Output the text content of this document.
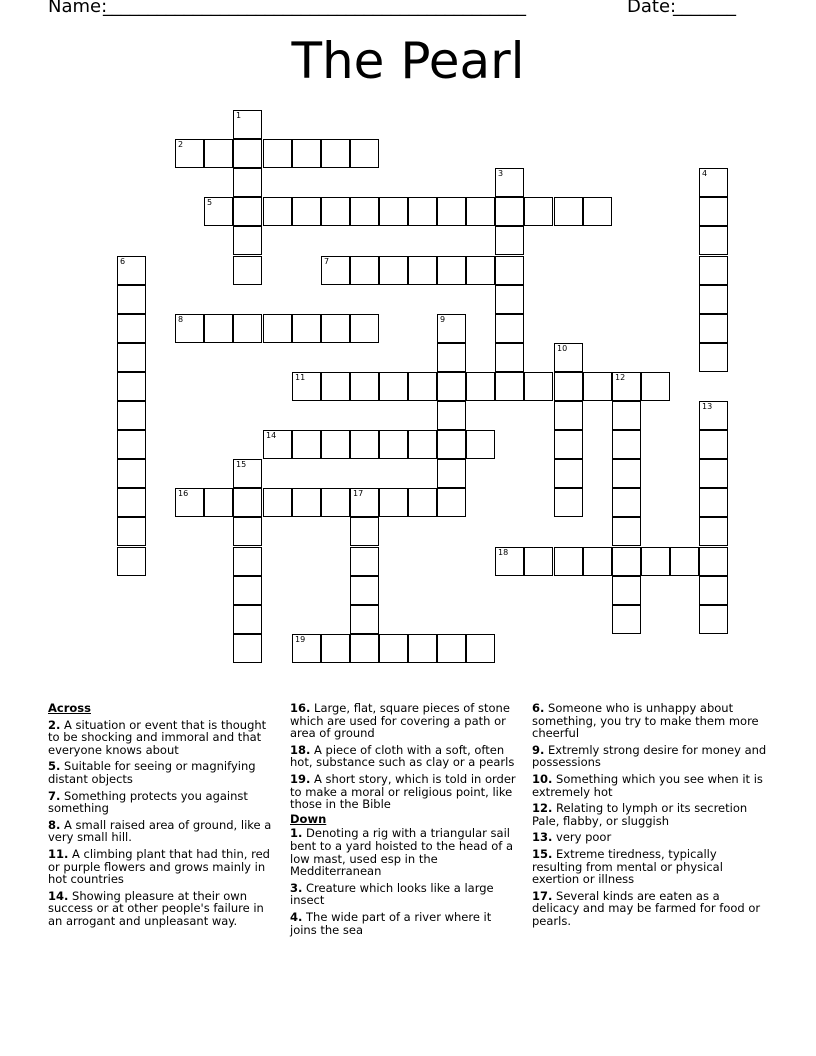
Name:
_______________________________________________	Date:
_______
The Pearl
1
2
3	4
5
6	7
8	9
10
11	12
13
14
15
16	17
18
19
Across
2. A situation or event that is thought to be shocking and immoral and that everyone knows about
5. Suitable for seeing or magnifying distant objects
7. Something protects you against something
8. A small raised area of ground, like a very small hill.
11. A climbing plant that had thin, red or purple flowers and grows mainly in hot countries
14. Showing pleasure at their own success or at other people's failure in an arrogant and unpleasant way.
16. Large, flat, square pieces of stone which are used for covering a path or area of ground
18. A piece of cloth with a soft, often hot, substance such as clay or a pearls
19. A short story, which is told in order to make a moral or religious point, like those in the Bible
Down
1. Denoting a rig with a triangular sail bent to a yard hoisted to the head of a low mast, used esp in the Medditerranean
3. Creature which looks like a large insect
4. The wide part of a river where it joins the sea
6. Someone who is unhappy about something, you try to make them more cheerful
9. Extremly strong desire for money and possessions
10. Something which you see when it is extremely hot
12. Relating to lymph or its secretion Pale, flabby, or sluggish
13. very poor
15. Extreme tiredness, typically resulting from mental or physical exertion or illness
17. Several kinds are eaten as a delicacy and may be farmed for food or pearls.
